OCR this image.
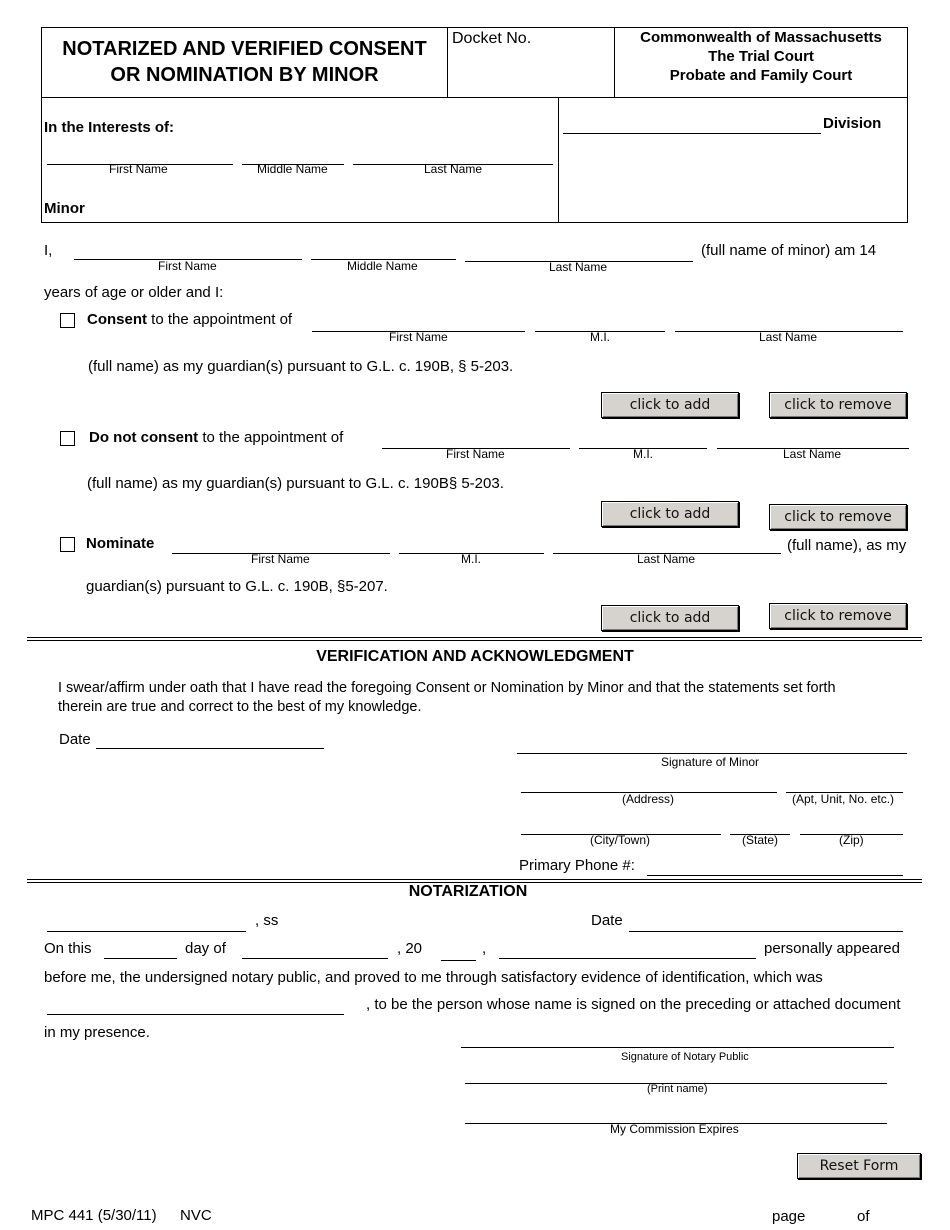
NOTARIZED AND VERIFIED CONSENT
OR NOMINATION BY MINOR
Docket No.	Commonwealth of Massachusetts
The Trial Court
Probate and Family Court
In the Interests of:
First Name	Middle Name	Last Name
Minor
Division
I,
First Name	Middle Name	Last Name
(full name of minor) am 14
years of age or older and I:
Consent to the appointment of
First Name	M.I.	Last Name
(full name) as my guardian(s) pursuant to G.L. c. 190B, § 5-203.
click to add	click to remove
Do not consent to the appointment of
First Name	M.I.	Last Name
(full name) as my guardian(s) pursuant to G.L. c. 190B§ 5-203.
click to add	click to remove
Nominate
First Name	M.I.	Last Name
(full name), as my
guardian(s) pursuant to G.L. c. 190B, §5-207.
click to add	click to remove
VERIFICATION AND ACKNOWLEDGMENT
I swear/affirm under oath that I have read the foregoing Consent or Nomination by Minor and that the statements set forth
therein are true and correct to the best of my knowledge.
Date
Signature of Minor
(Address)	(Apt, Unit, No. etc.)
(City/Town)	(State)	(Zip)
Primary Phone #:
NOTARIZATION
, ss	Date
On this	day of	, 20	,	personally appeared
before me, the undersigned notary public, and proved to me through satisfactory evidence of identification, which was
, to be the person whose name is signed on the preceding or attached document
in my presence.
Signature of Notary Public
(Print name)
My Commission Expires
Reset Form
MPC 441 (5/30/11) NVC	page	of
